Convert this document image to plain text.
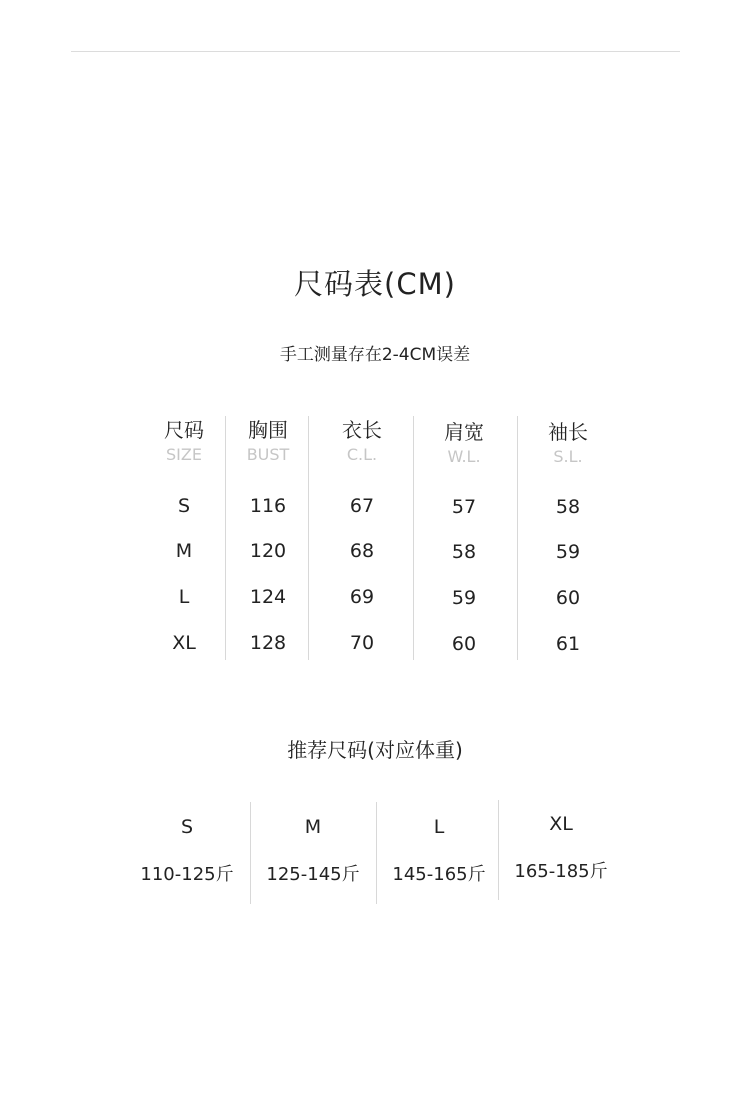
尺码表(CM)
手工测量存在2-4CM误差
尺码
SIZE
S
M
L
XL
胸围
BUST
116
120
124
128
衣长
C.L.
67
68
69
70
肩宽
W.L.
57
58
59
60
袖长
S.L.
58
59
60
61
推荐尺码(对应体重)
S
110-125斤
M
125-145斤
L
145-165斤
XL
165-185斤
